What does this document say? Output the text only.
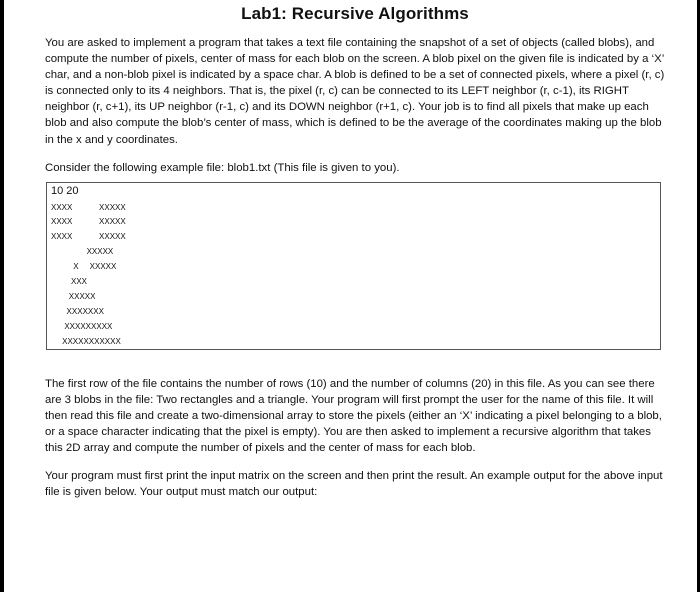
Lab1: Recursive Algorithms

You are asked to implement a program that takes a text file containing the snapshot of a set of objects (called blobs), and compute the number of pixels, center of mass for each blob on the screen. A blob pixel on the given file is indicated by a ‘X’ char, and a non-blob pixel is indicated by a space char. A blob is defined to be a set of connected pixels, where a pixel (r, c) is connected only to its 4 neighbors. That is, the pixel (r, c) can be connected to its LEFT neighbor (r, c-1), its RIGHT neighbor (r, c+1), its UP neighbor (r-1, c) and its DOWN neighbor (r+1, c). Your job is to find all pixels that make up each blob and also compute the blob’s center of mass, which is defined to be the average of the coordinates making up the blob in the x and y coordinates.

Consider the following example file: blob1.txt (This file is given to you).

10 20
XXXX            XXXXX
XXXX            XXXXX
XXXX            XXXXX
XXXXX
X     XXXXX
XXX
XXXXX
XXXXXXX
XXXXXXXXX
XXXXXXXXXXX

The first row of the file contains the number of rows (10) and the number of columns (20) in this file. As you can see there are 3 blobs in the file: Two rectangles and a triangle. Your program will first prompt the user for the name of this file. It will then read this file and create a two-dimensional array to store the pixels (either an ‘X’ indicating a pixel belonging to a blob, or a space character indicating that the pixel is empty). You are then asked to implement a recursive algorithm that takes this 2D array and compute the number of pixels and the center of mass for each blob.

Your program must first print the input matrix on the screen and then print the result. An example output for the above input file is given below. Your output must match our output:
